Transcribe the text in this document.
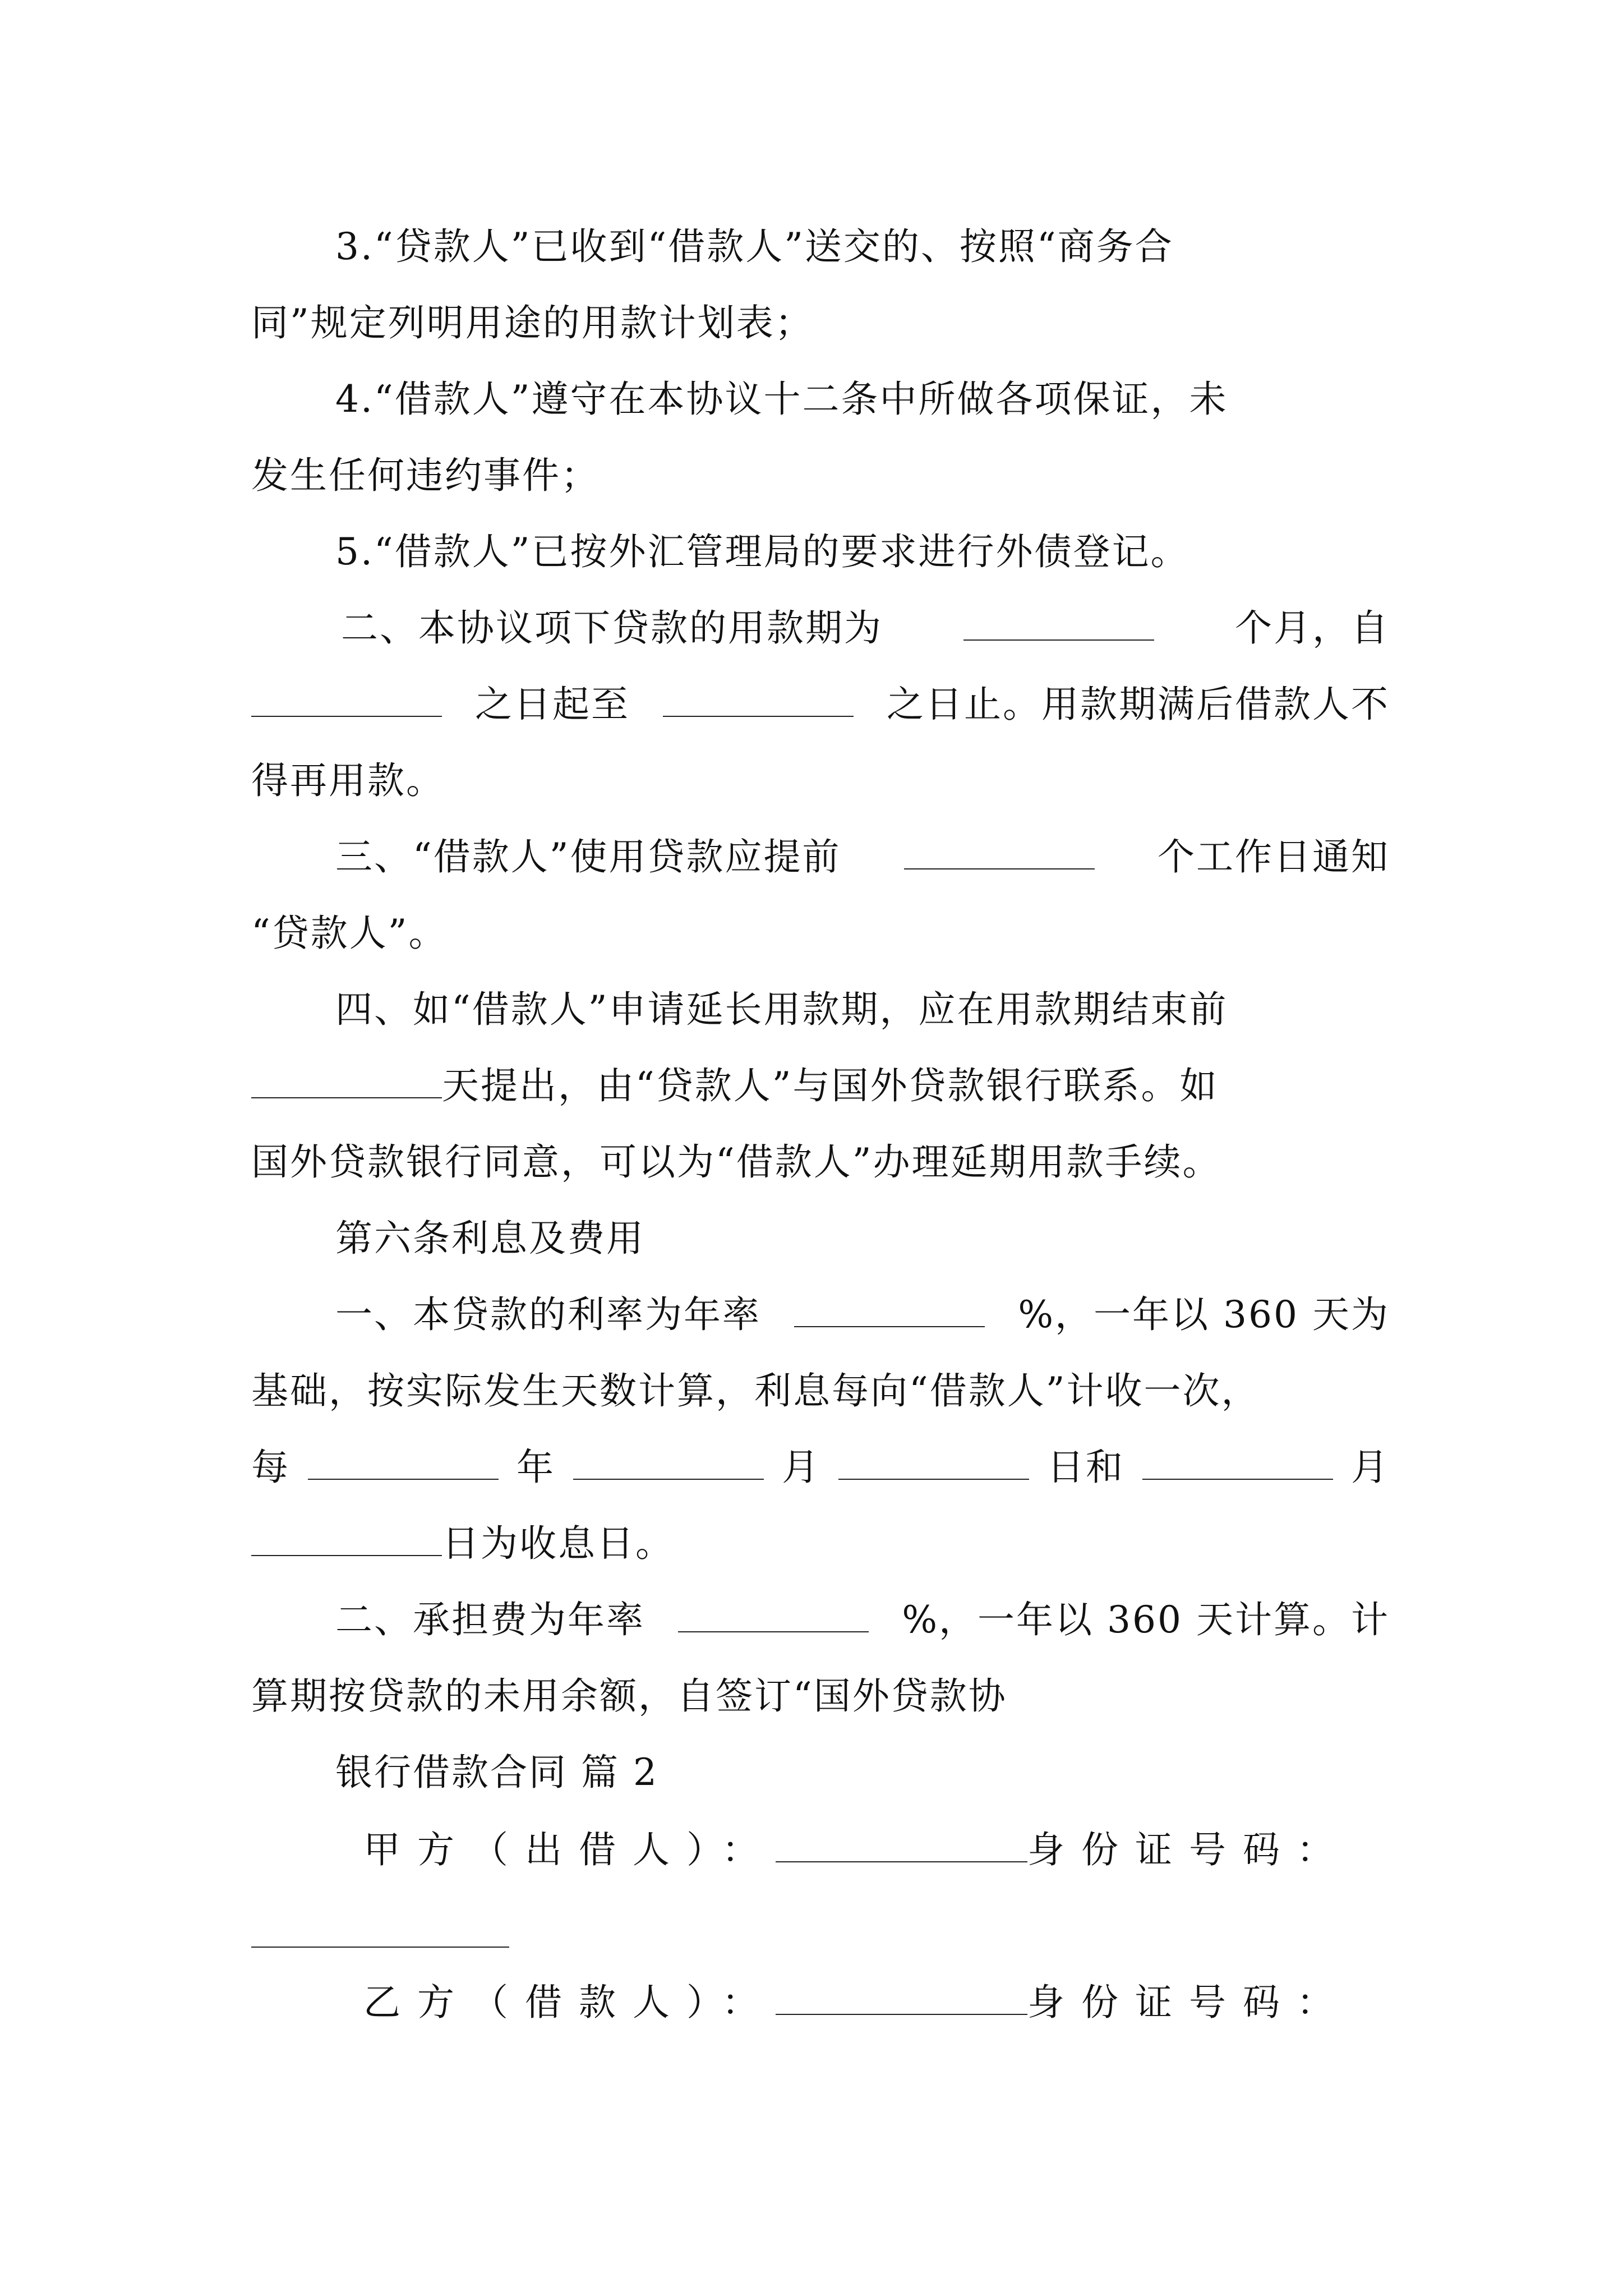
3.“贷款人”已收到“借款人”送交的、按照“商务合
同”规定列明用途的用款计划表；
4.“借款人”遵守在本协议十二条中所做各项保证，未
发生任何违约事件；
5.“借款人”已按外汇管理局的要求进行外债登记。
二、本协议项下贷款的用款期为	个月，自
之日起至	之日止。用款期满后借款人不
得再用款。
三、“借款人”使用贷款应提前	个工作日通知
“贷款人”。
四、如“借款人”申请延长用款期，应在用款期结束前
天提出，由“贷款人”与国外贷款银行联系。如
国外贷款银行同意，可以为“借款人”办理延期用款手续。
第六条利息及费用
一、本贷款的利率为年率	%，一年以 360 天为
基础，按实际发生天数计算，利息每向“借款人”计收一次，
每	年	月	日和	月
日为收息日。
二、承担费为年率	%，一年以 360 天计算。计
算期按贷款的未用余额，自签订“国外贷款协
银行借款合同 篇 2
甲方（出借人）：	身份证号码：
乙方（借款人）：	身份证号码：
